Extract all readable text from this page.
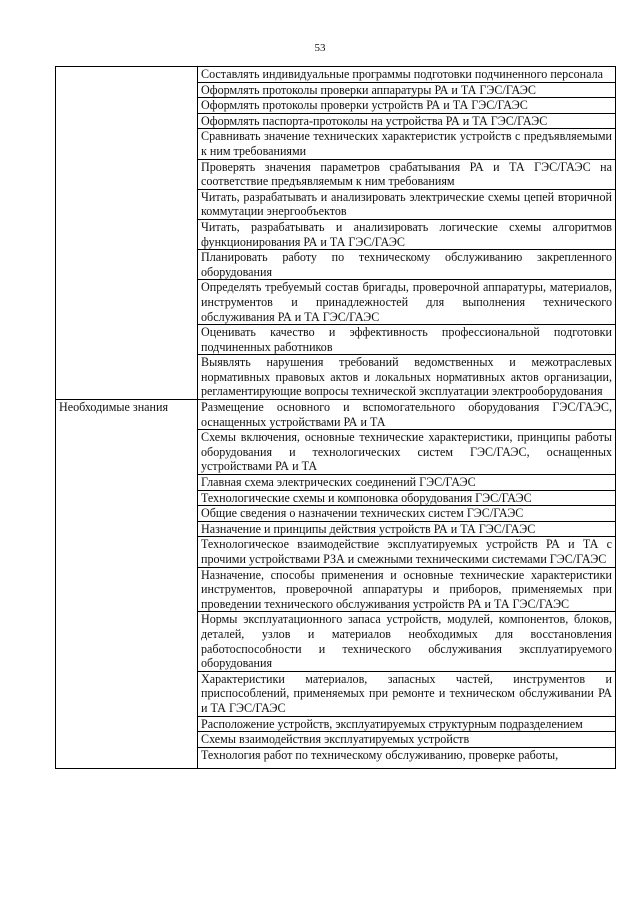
53
	Составлять индивидуальные программы подготовки подчиненного персонала
	Оформлять протоколы проверки аппаратуры РА и ТА ГЭС/ГАЭС
	Оформлять протоколы проверки устройств РА и ТА ГЭС/ГАЭС
	Оформлять паспорта-протоколы на устройства РА и ТА ГЭС/ГАЭС
	Сравнивать значение технических характеристик устройств с предъявляемыми к ним требованиями
	Проверять значения параметров срабатывания РА и ТА ГЭС/ГАЭС на соответствие предъявляемым к ним требованиям
	Читать, разрабатывать и анализировать электрические схемы цепей вторичной коммутации энергообъектов
	Читать, разрабатывать и анализировать логические схемы алгоритмов функционирования РА и ТА ГЭС/ГАЭС
	Планировать работу по техническому обслуживанию закрепленного оборудования
	Определять требуемый состав бригады, проверочной аппаратуры, материалов, инструментов и принадлежностей для выполнения технического обслуживания РА и ТА ГЭС/ГАЭС
	Оценивать качество и эффективность профессиональной подготовки подчиненных работников
	Выявлять нарушения требований ведомственных и межотраслевых нормативных правовых актов и локальных нормативных актов организации, регламентирующие вопросы технической эксплуатации электрооборудования
Необходимые знания	Размещение основного и вспомогательного оборудования ГЭС/ГАЭС, оснащенных устройствами РА и ТА
	Схемы включения, основные технические характеристики, принципы работы оборудования и технологических систем ГЭС/ГАЭС, оснащенных устройствами РА и ТА
	Главная схема электрических соединений ГЭС/ГАЭС
	Технологические схемы и компоновка оборудования ГЭС/ГАЭС
	Общие сведения о назначении технических систем ГЭС/ГАЭС
	Назначение и принципы действия устройств РА и ТА ГЭС/ГАЭС
	Технологическое взаимодействие эксплуатируемых устройств РА и ТА с прочими устройствами РЗА и смежными техническими системами ГЭС/ГАЭС
	Назначение, способы применения и основные технические характеристики инструментов, проверочной аппаратуры и приборов, применяемых при проведении технического обслуживания устройств РА и ТА ГЭС/ГАЭС
	Нормы эксплуатационного запаса устройств, модулей, компонентов, блоков, деталей, узлов и материалов необходимых для восстановления работоспособности и технического обслуживания эксплуатируемого оборудования
	Характеристики материалов, запасных частей, инструментов и приспособлений, применяемых при ремонте и техническом обслуживании РА и ТА ГЭС/ГАЭС
	Расположение устройств, эксплуатируемых структурным подразделением
	Схемы взаимодействия эксплуатируемых устройств
	Технология работ по техническому обслуживанию, проверке работы,
